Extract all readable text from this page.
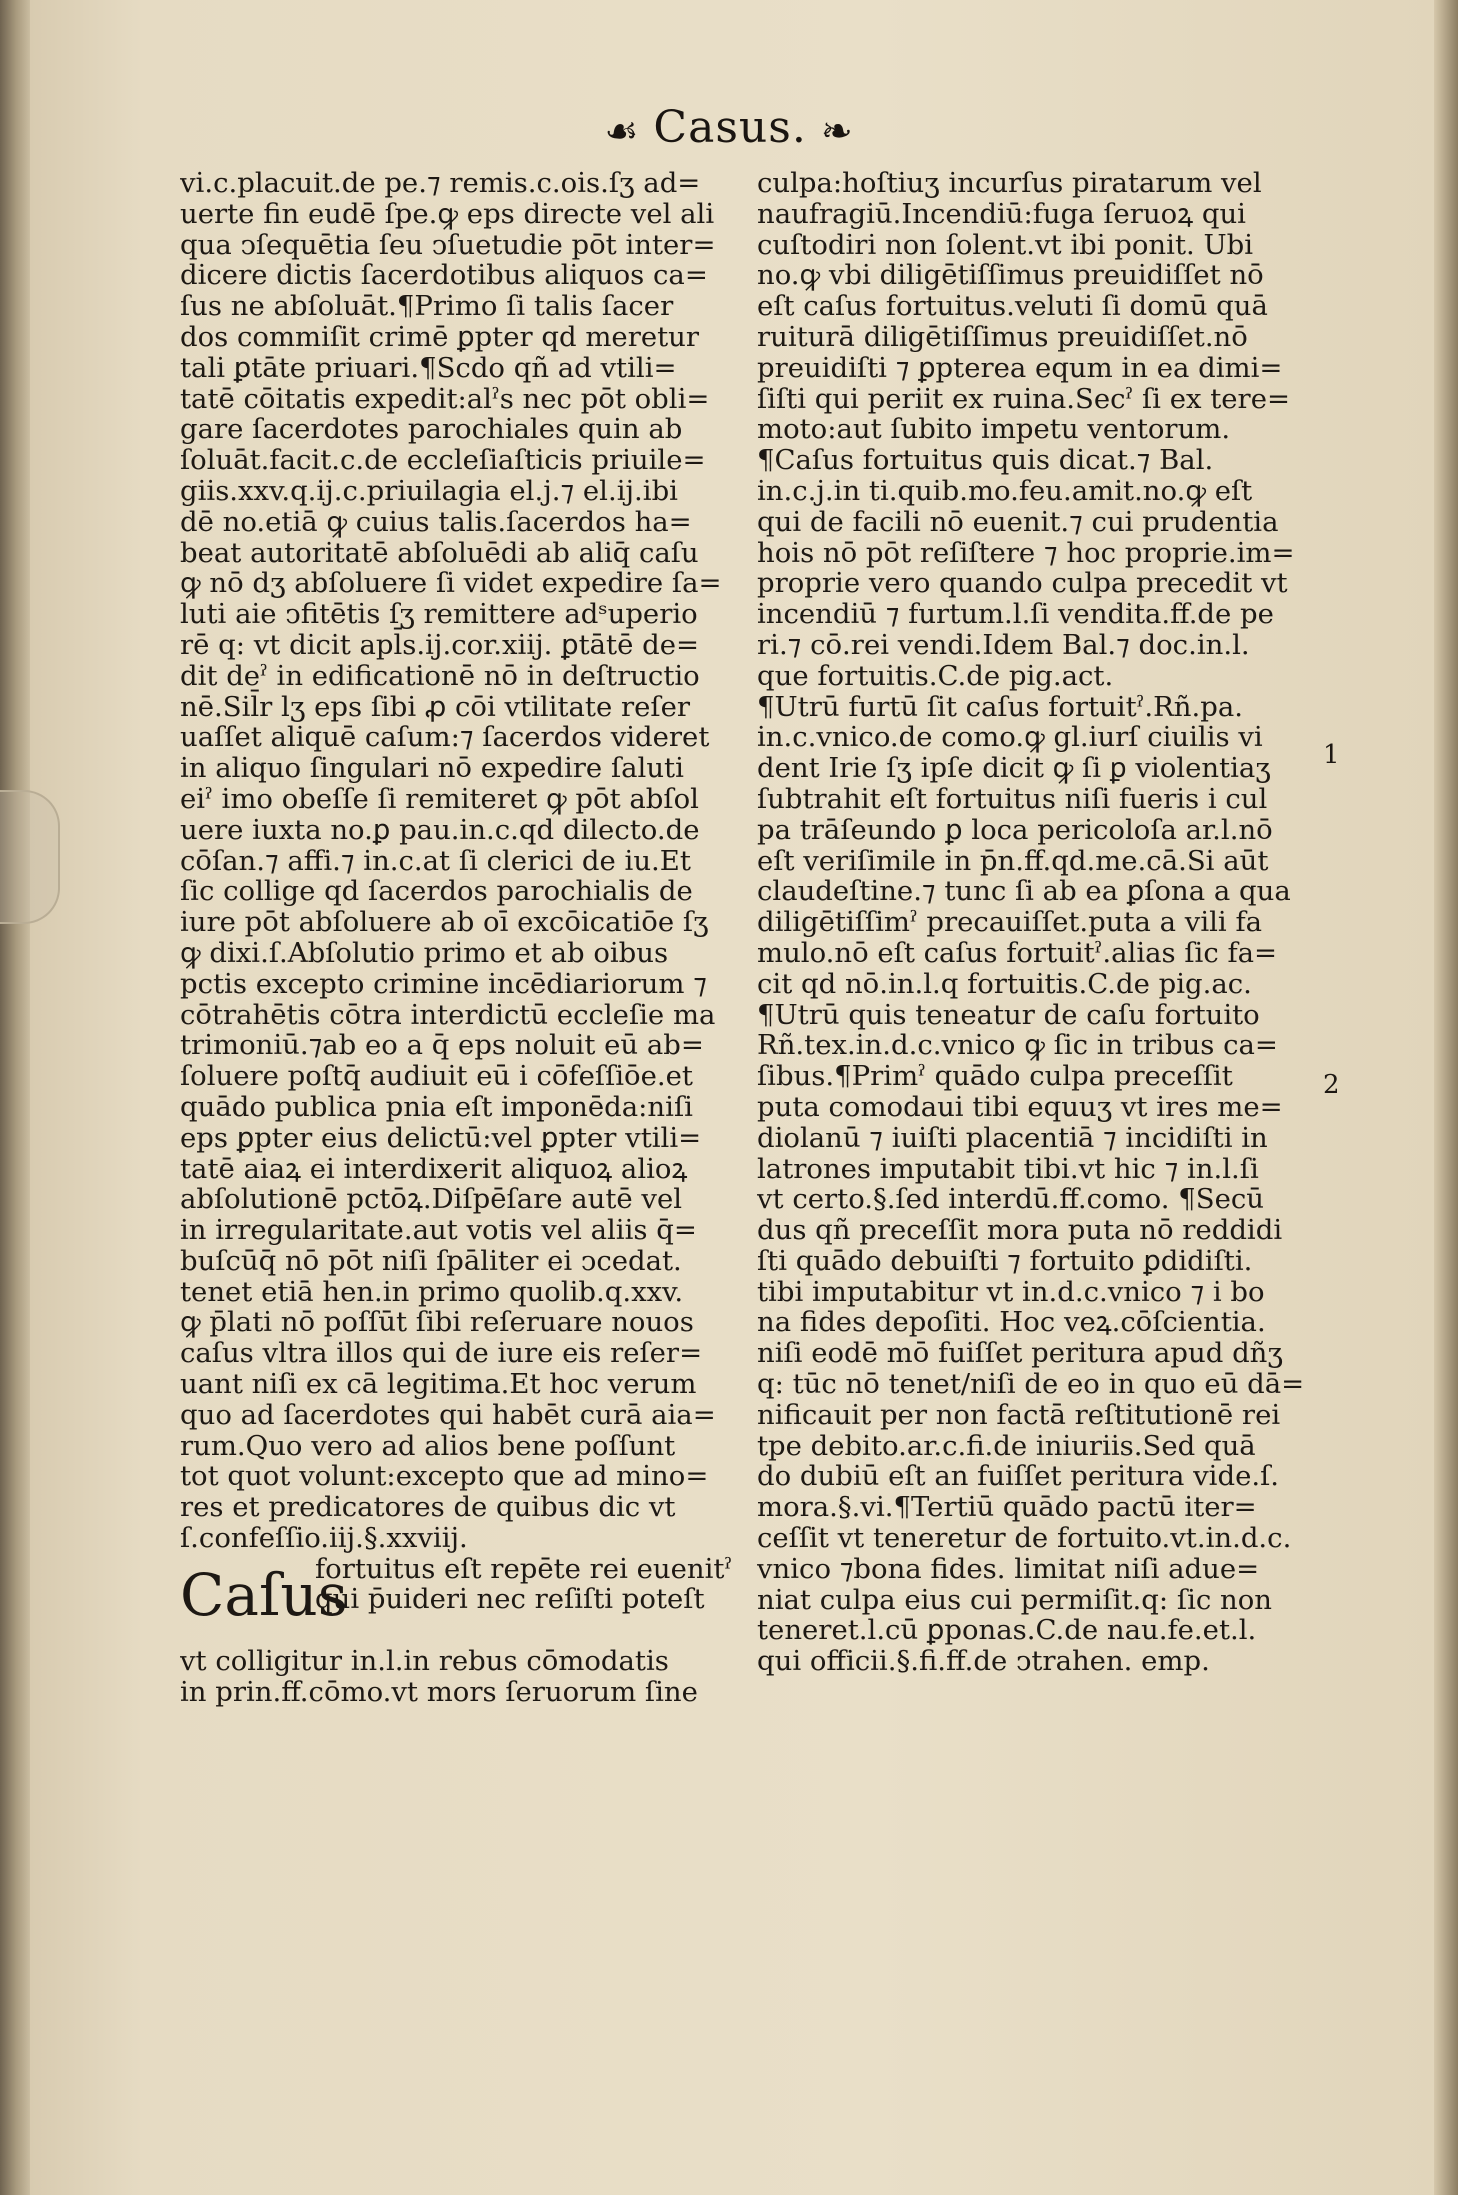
☙ Casus. ❧
vi.c.placuit.de pe.⁊ remis.c.ois.ſʒ ad=
uerte fin eudē ſpe.ꝙ eps directe vel ali
qua ↄſequētia ſeu ↄſuetudie pōt inter=
dicere dictis ſacerdotibus aliquos ca=
ſus ne abſoluāt.¶Primo ſi talis ſacer
dos commiſit crimē ꝑpter qd meretur
tali ꝑtāte priuari.¶Scdo qñ ad vtili=
tatē cōitatis expedit:alˀs nec pōt obli=
gare ſacerdotes parochiales quin ab
ſoluāt.facit.c.de eccleſiaſticis priuile=
giis.xxv.q.ij.c.priuilagia el.j.⁊ el.ij.ibi
dē no.etiā ꝙ cuius talis.ſacerdos ha=
beat autoritatē abſoluēdi ab aliq̄ caſu
ꝙ nō dʒ abſoluere ſi videt expedire ſa=
luti aie ↄfitētis ſʒ remittere adˢuperio
rē q: vt dicit apl̄s.ij.cor.xiij. ꝑtātē de=
dit deˀ in edificationē nō in deſtructio
nē.Sil̄r lʒ eps ſibi ꝓ cōi vtilitate reſer
uaſſet aliquē caſum:⁊ ſacerdos videret
in aliquo ſingulari nō expedire ſaluti
eiˀ imo obeſſe ſi remiteret ꝙ pōt abſol
uere iuxta no.ꝑ pau.in.c.qd dilecto.de
cōſan.⁊ affi.⁊ in.c.at ſi clerici de iu.Et
ſic collige qd ſacerdos parochialis de
iure pōt abſoluere ab oī excōicatiōe ſʒ
ꝙ dixi.ſ.Abſolutio primo et ab oibus
pctis excepto crimine incēdiariorum ⁊
cōtrahētis cōtra interdictū eccleſie ma
trimoniū.⁊ab eo a q̄ eps noluit eū ab=
ſoluere poſtq̄ audiuit eū i cōfeſſiōe.et
quādo publica pnia eſt imponēda:niſi
eps ꝑpter eius delictū:vel ꝑpter vtili=
tatē aiaꝝ ei interdixerit aliquoꝝ alioꝝ
abſolutionē pctōꝝ.Diſpēſare autē vel
in irregularitate.aut votis vel aliis q̄=
buſcūq̄ nō pōt niſi ſpāliter ei ↄcedat.
tenet etiā hen.in primo quolib.q.xxv.
ꝙ p̄lati nō poſſūt ſibi reſeruare nouos
caſus vltra illos qui de iure eis reſer=
uant niſi ex cā legitima.Et hoc verum
quo ad ſacerdotes qui habēt curā aia=
rum.Quo vero ad alios bene poſſunt
tot quot volunt:excepto que ad mino=
res et predicatores de quibus dic vt
ſ.confeſſio.iij.§.xxviij.
Caſus
fortuitus eſt repēte rei euenitˀ
qui p̄uideri nec reſiſti poteſt
vt colligitur in.l.in rebus cōmodatis
in prin.ff.cōmo.vt mors ſeruorum ſine
culpa:hoſtiuʒ incurſus piratarum vel
naufragiū.Incendiū:fuga ſeruoꝝ qui
cuſtodiri non ſolent.vt ibi ponit. Ubi
no.ꝙ vbi diligētiſſimus preuidiſſet nō
eſt caſus fortuitus.veluti ſi domū quā
ruiturā diligētiſſimus preuidiſſet.nō
preuidiſti ⁊ ꝑpterea equm in ea dimi=
ſiſti qui periit ex ruina.Secˀ ſi ex tere=
moto:aut ſubito impetu ventorum.
¶Caſus fortuitus quis dicat.⁊ Bal.
in.c.j.in ti.quib.mo.feu.amit.no.ꝙ eſt
qui de facili nō euenit.⁊ cui prudentia
hois nō pōt reſiſtere ⁊ hoc proprie.im=
proprie vero quando culpa precedit vt
incendiū ⁊ furtum.l.ſi vendita.ff.de pe
ri.⁊ cō.rei vendi.Idem Bal.⁊ doc.in.l.
que fortuitis.C.de pig.act.
¶Utrū furtū ſit caſus fortuitˀ.Rñ.pa.
in.c.vnico.de como.ꝙ gl.iurſ ciuilis vi
dent Irie ſʒ ipſe dicit ꝙ ſi ꝑ violentiaʒ
ſubtrahit eſt fortuitus niſi fueris i cul
pa trāſeundo ꝑ loca pericoloſa ar.l.nō
eſt veriſimile in p̄n.ff.qd.me.cā.Si aūt
claudeſtine.⁊ tunc ſi ab ea ꝑſona a qua
diligētiſſimˀ precauiſſet.puta a vili fa
mulo.nō eſt caſus fortuitˀ.alias ſic fa=
cit qd nō.in.l.q fortuitis.C.de pig.ac.
¶Utrū quis teneatur de caſu fortuito
Rñ.tex.in.d.c.vnico ꝙ ſic in tribus ca=
ſibus.¶Primˀ quādo culpa preceſſit
puta comodaui tibi equuʒ vt ires me=
diolanū ⁊ iuiſti placentiā ⁊ incidiſti in
latrones imputabit tibi.vt hic ⁊ in.l.ſi
vt certo.§.ſed interdū.ff.como. ¶Secū
dus qñ preceſſit mora puta nō reddidi
ſti quādo debuiſti ⁊ fortuito ꝑdidiſti.
tibi imputabitur vt in.d.c.vnico ⁊ i bo
na fides depoſiti. Hoc veꝝ.cōſcientia.
niſi eodē mō fuiſſet peritura apud dñʒ
q: tūc nō tenet/niſi de eo in quo eū dā=
nificauit per non factā reſtitutionē rei
tpe debito.ar.c.fi.de iniuriis.Sed quā
do dubiū eſt an fuiſſet peritura vide.ſ.
mora.§.vi.¶Tertiū quādo pactū iter=
ceſſit vt teneretur de fortuito.vt.in.d.c.
vnico ⁊bona fides. limitat niſi adue=
niat culpa eius cui permiſit.q: ſic non
teneret.l.cū ꝑponas.C.de nau.fe.et.l.
qui officii.§.fi.ff.de ↄtrahen. emp.
1
2
